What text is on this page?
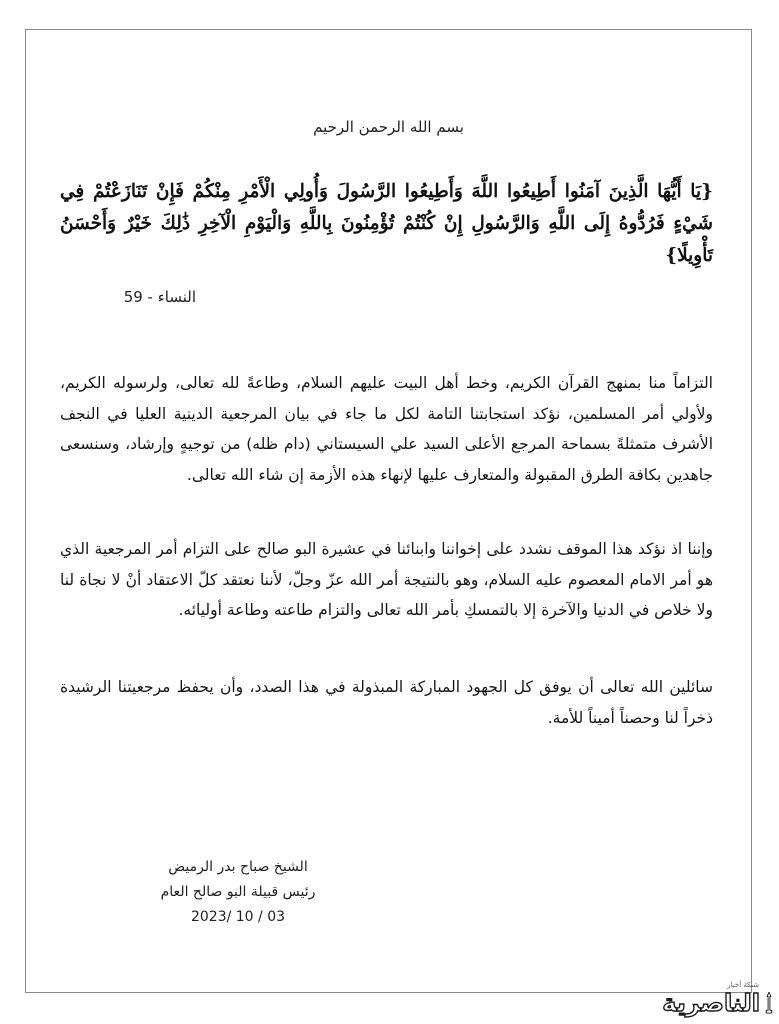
بسم الله الرحمن الرحيم
{يَا أَيُّهَا الَّذِينَ آمَنُوا أَطِيعُوا اللَّهَ وَأَطِيعُوا الرَّسُولَ وَأُولِي الْأَمْرِ مِنْكُمْ فَإِنْ تَنَازَعْتُمْ فِي شَيْءٍ فَرُدُّوهُ إِلَى اللَّهِ وَالرَّسُولِ إِنْ كُنْتُمْ تُؤْمِنُونَ بِاللَّهِ وَالْيَوْمِ الْآخِرِ ذَٰلِكَ خَيْرٌ وَأَحْسَنُ تَأْوِيلًا}
النساء - 59
التزاماً منا بمنهج القرآن الكريم، وخط أهل البيت عليهم السلام، وطاعةً لله تعالى، ولرسوله الكريم، ولأولي أمر المسلمين، نؤكد استجابتنا التامة لكل ما جاء في بيان المرجعية الدينية العليا في النجف الأشرف متمثلةً بسماحة المرجع الأعلى السيد علي السيستاني (دام ظله) من توجيهٍ وإرشاد، وسنسعى جاهدين بكافة الطرق المقبولة والمتعارف عليها لإنهاء هذه الأزمة إن شاء الله تعالى.
وإننا اذ نؤكد هذا الموقف نشدد على إخواننا وابنائنا في عشيرة البو صالح على التزام أمر المرجعية الذي هو أمر الامام المعصوم عليه السلام، وهو بالنتيجة أمر الله عزّ وجلّ، لأننا نعتقد كلّ الاعتقاد أنْ لا نجاة لنا ولا خلاص في الدنيا والآخرة إلا بالتمسكِ بأمر الله تعالى والتزام طاعته وطاعة أوليائه.
سائلين الله تعالى أن يوفق كل الجهود المباركة المبذولة في هذا الصدد، وأن يحفظ مرجعيتنا الرشيدة ذخراً لنا وحصناً أميناً للأمة.
الشيخ صباح بدر الرميض
رئيس قبيلة البو صالح العام
2023/ 10 / 03
شبكة أخبار
الناصرية
